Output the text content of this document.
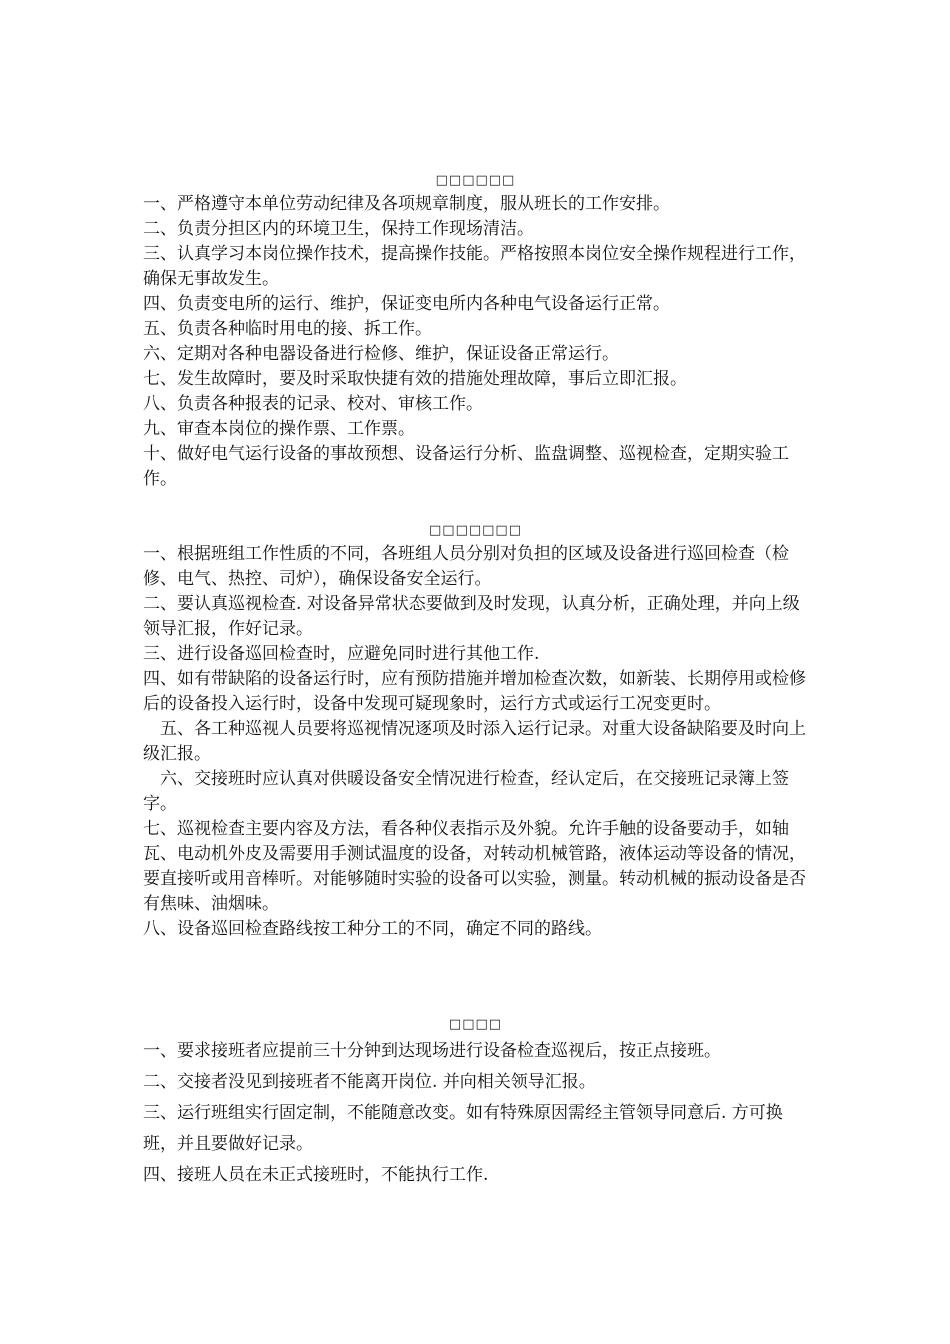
□□□□□□

一、严格遵守本单位劳动纪律及各项规章制度，服从班长的工作安排。

二、负责分担区内的环境卫生，保持工作现场清洁。

三、认真学习本岗位操作技术，提高操作技能。严格按照本岗位安全操作规程进行工作，确保无事故发生。

四、负责变电所的运行、维护，保证变电所内各种电气设备运行正常。

五、负责各种临时用电的接、拆工作。

六、定期对各种电器设备进行检修、维护，保证设备正常运行。

七、发生故障时，要及时采取快捷有效的措施处理故障，事后立即汇报。

八、负责各种报表的记录、校对、审核工作。

九、审查本岗位的操作票、工作票。

十、做好电气运行设备的事故预想、设备运行分析、监盘调整、巡视检查，定期实验工作。

□□□□□□□

一、根据班组工作性质的不同，各班组人员分别对负担的区域及设备进行巡回检查（检修、电气、热控、司炉），确保设备安全运行。

二、要认真巡视检查. 对设备异常状态要做到及时发现，认真分析，正确处理，并向上级领导汇报，作好记录。

三、进行设备巡回检查时，应避免同时进行其他工作.

四、如有带缺陷的设备运行时，应有预防措施并增加检查次数，如新装、长期停用或检修后的设备投入运行时，设备中发现可疑现象时，运行方式或运行工况变更时。

五、各工种巡视人员要将巡视情况逐项及时添入运行记录。对重大设备缺陷要及时向上级汇报。

六、交接班时应认真对供暖设备安全情况进行检查，经认定后，在交接班记录簿上签字。

七、巡视检查主要内容及方法，看各种仪表指示及外貌。允许手触的设备要动手，如轴瓦、电动机外皮及需要用手测试温度的设备，对转动机械管路，液体运动等设备的情况，要直接听或用音棒听。对能够随时实验的设备可以实验，测量。转动机械的振动设备是否有焦味、油烟味。

八、设备巡回检查路线按工种分工的不同，确定不同的路线。

□□□□

一、要求接班者应提前三十分钟到达现场进行设备检查巡视后，按正点接班。

二、交接者没见到接班者不能离开岗位. 并向相关领导汇报。

三、运行班组实行固定制，不能随意改变。如有特殊原因需经主管领导同意后. 方可换班，并且要做好记录。

四、接班人员在未正式接班时，不能执行工作.
